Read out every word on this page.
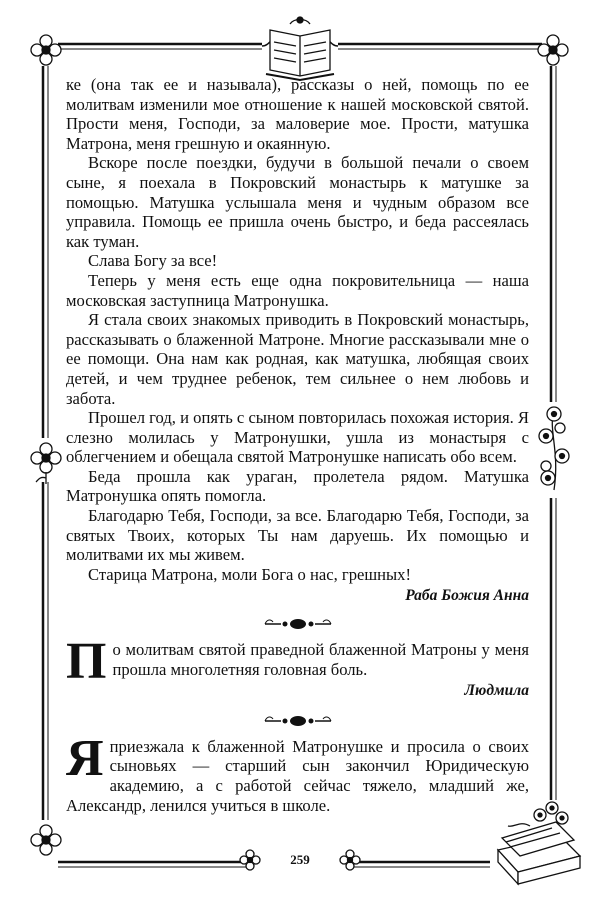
ке (она так ее и называла), рассказы о ней, помощь по ее молитвам изменили мое отношение к нашей московской святой. Прости меня, Господи, за маловерие мое. Прости, матушка Матрона, меня грешную и окаянную.

Вскоре после поездки, будучи в большой печали о своем сыне, я поехала в Покровский монастырь к матушке за помощью. Матушка услышала меня и чудным образом все управила. Помощь ее пришла очень быстро, и беда рассеялась как туман.

Слава Богу за все!

Теперь у меня есть еще одна покровительница — наша московская заступница Матронушка.

Я стала своих знакомых приводить в Покровский монастырь, рассказывать о блаженной Матроне. Многие рассказывали мне о ее помощи. Она нам как родная, как матушка, любящая своих детей, и чем труднее ребенок, тем сильнее о нем любовь и забота.

Прошел год, и опять с сыном повторилась похожая история. Я слезно молилась у Матронушки, ушла из монастыря с облегчением и обещала святой Матронушке написать обо всем.

Беда прошла как ураган, пролетела рядом. Матушка Матронушка опять помогла.

Благодарю Тебя, Господи, за все. Благодарю Тебя, Господи, за святых Твоих, которых Ты нам даруешь. Их помощью и молитвами их мы живем.

Старица Матрона, моли Бога о нас, грешных!

Раба Божия Анна

П о молитвам святой праведной блаженной Матроны у меня прошла многолетняя головная боль.

Людмила

Я приезжала к блаженной Матронушке и просила о своих сыновьях — старший сын закончил Юридическую академию, а с работой сейчас тяжело, младший же, Александр, ленился учиться в школе.

259
